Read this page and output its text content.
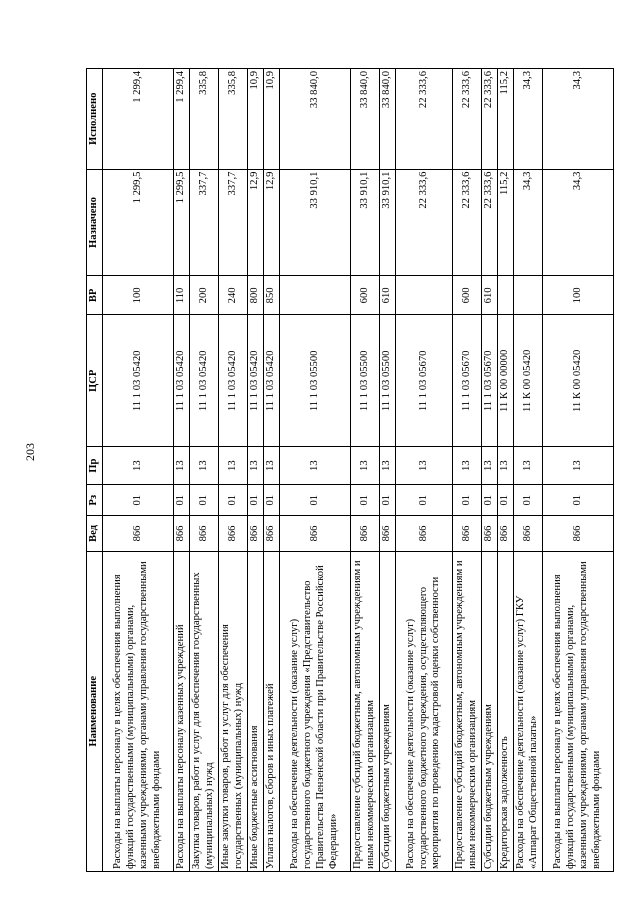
203
Наименование	Вед	Рз	Пр	ЦСР	ВР	Назначено	Исполнено
Расходы на выплаты персоналу в целях обеспечения выполнения функций государственными (муниципальными) органами, казенными учреждениями, органами управления государственными внебюджетными фондами	866	01	13	11 1 03 05420	100	1 299,5	1 299,4
Расходы на выплаты персоналу казенных учреждений	866	01	13	11 1 03 05420	110	1 299,5	1 299,4
Закупка товаров, работ и услуг для обеспечения государственных (муниципальных) нужд	866	01	13	11 1 03 05420	200	337,7	335,8
Иные закупки товаров, работ и услуг для обеспечения государственных (муниципальных) нужд	866	01	13	11 1 03 05420	240	337,7	335,8
Иные бюджетные ассигнования	866	01	13	11 1 03 05420	800	12,9	10,9
Уплата налогов, сборов и иных платежей	866	01	13	11 1 03 05420	850	12,9	10,9
Расходы на обеспечение деятельности (оказание услуг) государственного бюджетного учреждения «Представительство Правительства Пензенской области при Правительстве Российской Федерации»	866	01	13	11 1 03 05500		33 910,1	33 840,0
Предоставление субсидий бюджетным, автономным учреждениям и иным некоммерческим организациям	866	01	13	11 1 03 05500	600	33 910,1	33 840,0
Субсидии бюджетным учреждениям	866	01	13	11 1 03 05500	610	33 910,1	33 840,0
Расходы на обеспечение деятельности (оказание услуг) государственного бюджетного учреждения, осуществляющего мероприятия по проведению кадастровой оценки собственности	866	01	13	11 1 03 05670		22 333,6	22 333,6
Предоставление субсидий бюджетным, автономным учреждениям и иным некоммерческим организациям	866	01	13	11 1 03 05670	600	22 333,6	22 333,6
Субсидии бюджетным учреждениям	866	01	13	11 1 03 05670	610	22 333,6	22 333,6
Кредиторская задолженность	866	01	13	11 К 00 00000		115,2	115,2
Расходы на обеспечение деятельности (оказание услуг) ГКУ «Аппарат Общественной палаты»	866	01	13	11 К 00 05420		34,3	34,3
Расходы на выплаты персоналу в целях обеспечения выполнения функций государственными (муниципальными) органами, казенными учреждениями, органами управления государственными внебюджетными фондами	866	01	13	11 К 00 05420	100	34,3	34,3
